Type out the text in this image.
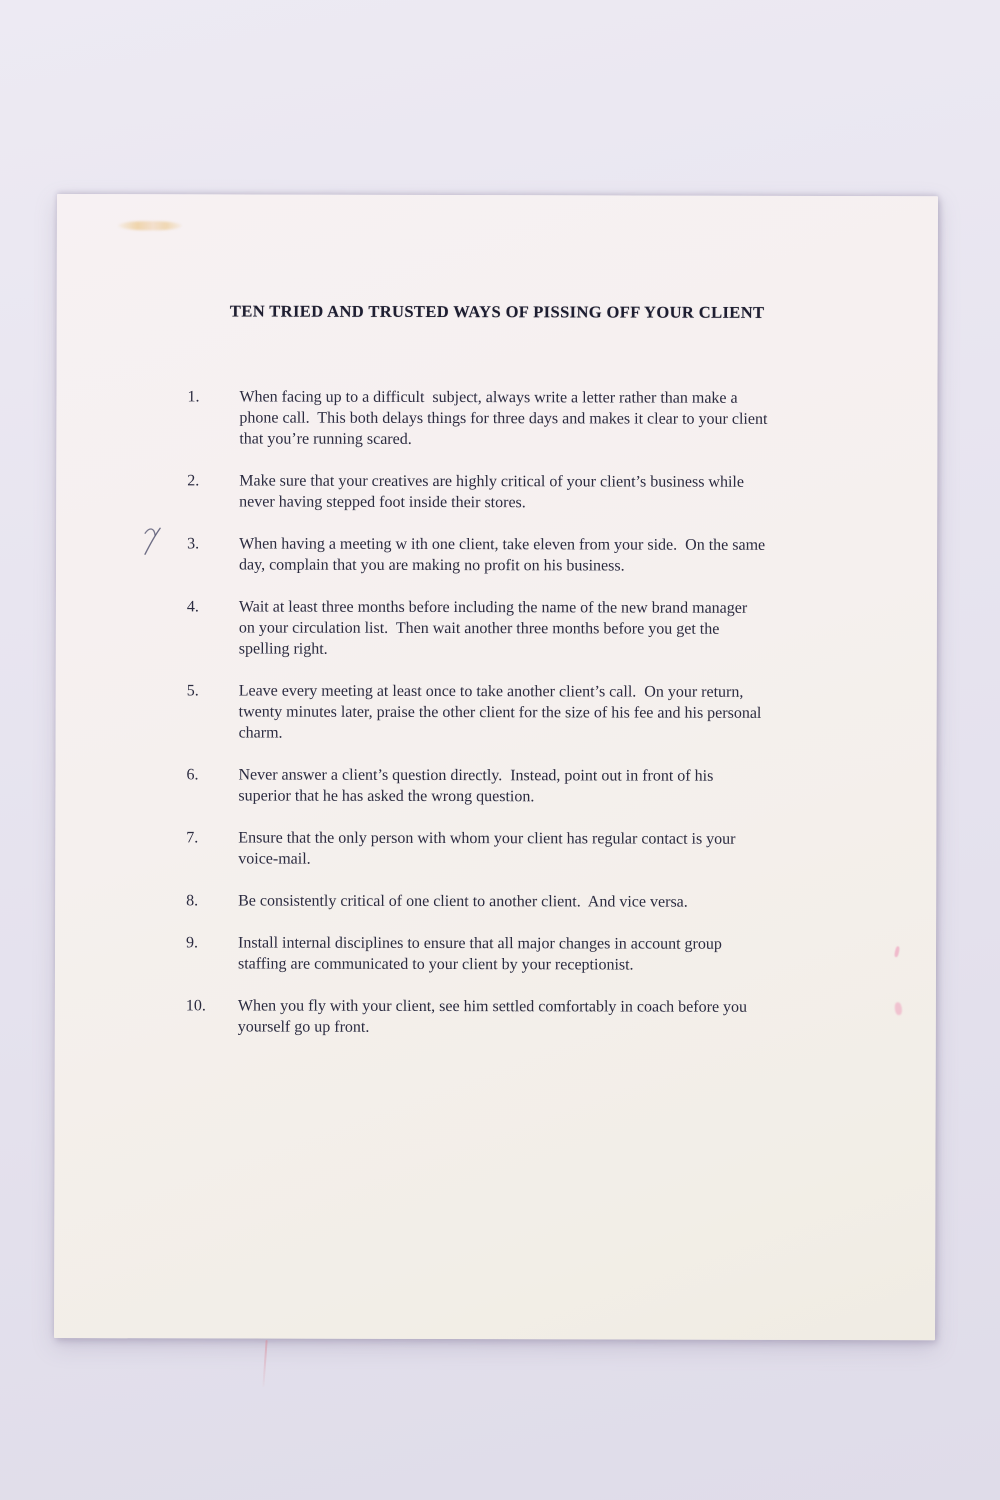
TEN TRIED AND TRUSTED WAYS OF PISSING OFF YOUR CLIENT
1.	When facing up to a difficult  subject, always write a letter rather than make a
phone call.  This both delays things for three days and makes it clear to your client
that you’re running scared.
2.	Make sure that your creatives are highly critical of your client’s business while
never having stepped foot inside their stores.
3.	When having a meeting w ith one client, take eleven from your side.  On the same
day, complain that you are making no profit on his business.
4.	Wait at least three months before including the name of the new brand manager
on your circulation list.  Then wait another three months before you get the
spelling right.
5.	Leave every meeting at least once to take another client’s call.  On your return,
twenty minutes later, praise the other client for the size of his fee and his personal
charm.
6.	Never answer a client’s question directly.  Instead, point out in front of his
superior that he has asked the wrong question.
7.	Ensure that the only person with whom your client has regular contact is your
voice-mail.
8.	Be consistently critical of one client to another client.  And vice versa.
9.	Install internal disciplines to ensure that all major changes in account group
staffing are communicated to your client by your receptionist.
10.	When you fly with your client, see him settled comfortably in coach before you
yourself go up front.
